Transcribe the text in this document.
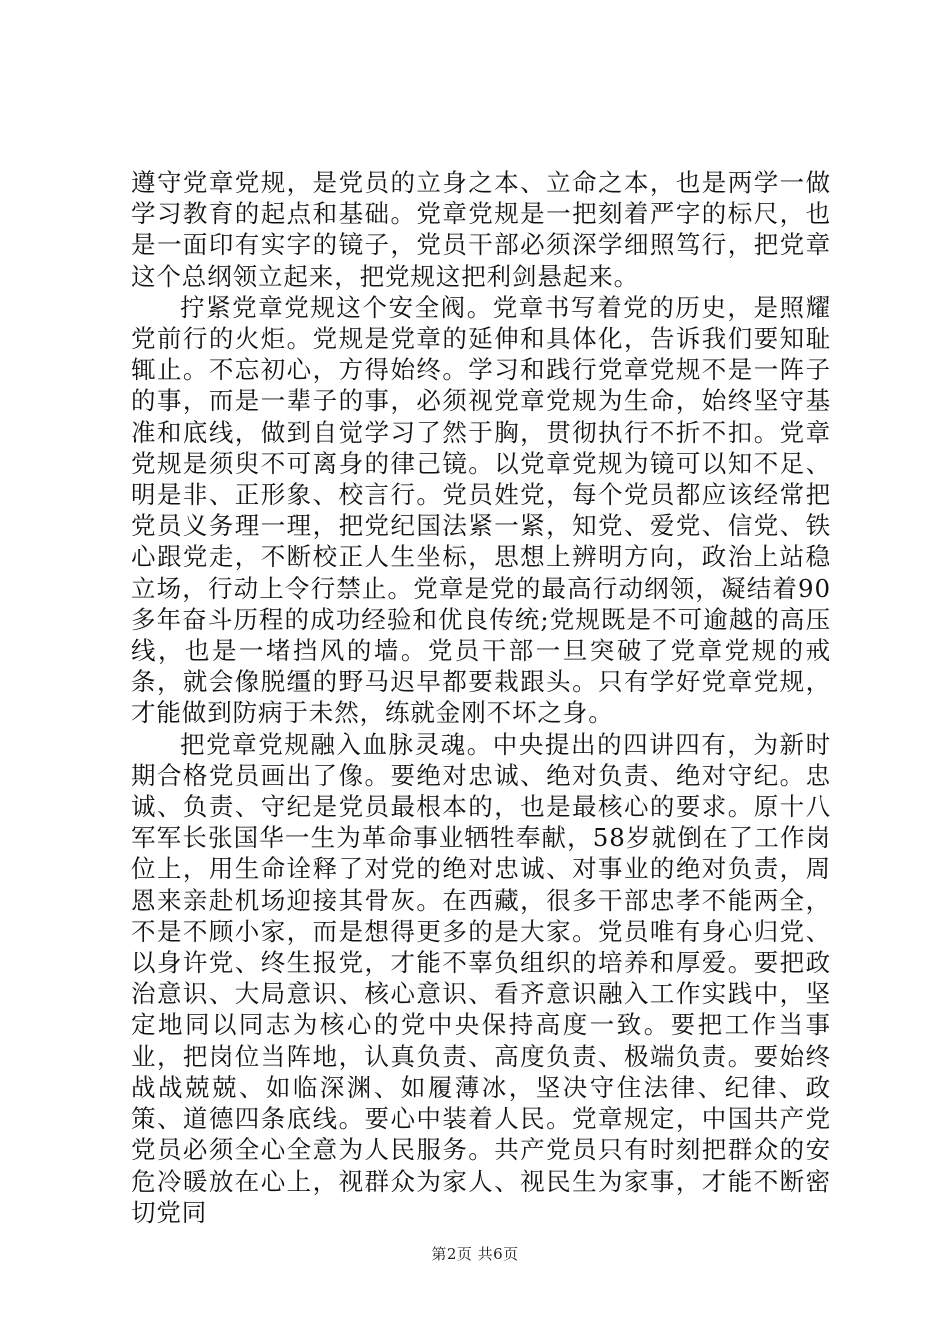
遵守党章党规，是党员的立身之本、立命之本，也是两学一做学习教育的起点和基础。党章党规是一把刻着严字的标尺，也是一面印有实字的镜子，党员干部必须深学细照笃行，把党章这个总纲领立起来，把党规这把利剑悬起来。

拧紧党章党规这个安全阀。党章书写着党的历史，是照耀党前行的火炬。党规是党章的延伸和具体化，告诉我们要知耻辄止。不忘初心，方得始终。学习和践行党章党规不是一阵子的事，而是一辈子的事，必须视党章党规为生命，始终坚守基准和底线，做到自觉学习了然于胸，贯彻执行不折不扣。党章党规是须臾不可离身的律己镜。以党章党规为镜可以知不足、明是非、正形象、校言行。党员姓党，每个党员都应该经常把党员义务理一理，把党纪国法紧一紧，知党、爱党、信党、铁心跟党走，不断校正人生坐标，思想上辨明方向，政治上站稳立场，行动上令行禁止。党章是党的最高行动纲领，凝结着90多年奋斗历程的成功经验和优良传统;党规既是不可逾越的高压线，也是一堵挡风的墙。党员干部一旦突破了党章党规的戒条，就会像脱缰的野马迟早都要栽跟头。只有学好党章党规，才能做到防病于未然，练就金刚不坏之身。

把党章党规融入血脉灵魂。中央提出的四讲四有，为新时期合格党员画出了像。要绝对忠诚、绝对负责、绝对守纪。忠诚、负责、守纪是党员最根本的，也是最核心的要求。原十八军军长张国华一生为革命事业牺牲奉献，58岁就倒在了工作岗位上，用生命诠释了对党的绝对忠诚、对事业的绝对负责，周恩来亲赴机场迎接其骨灰。在西藏，很多干部忠孝不能两全，不是不顾小家，而是想得更多的是大家。党员唯有身心归党、以身许党、终生报党，才能不辜负组织的培养和厚爱。要把政治意识、大局意识、核心意识、看齐意识融入工作实践中，坚定地同以同志为核心的党中央保持高度一致。要把工作当事业，把岗位当阵地，认真负责、高度负责、极端负责。要始终战战兢兢、如临深渊、如履薄冰，坚决守住法律、纪律、政策、道德四条底线。要心中装着人民。党章规定，中国共产党党员必须全心全意为人民服务。共产党员只有时刻把群众的安危冷暖放在心上，视群众为家人、视民生为家事，才能不断密切党同

第2页 共6页
